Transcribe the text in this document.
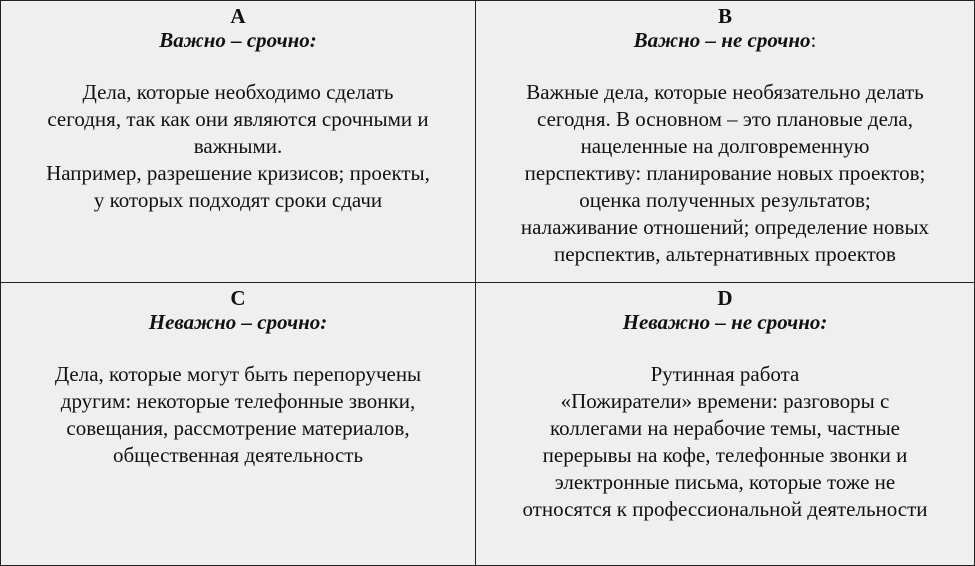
A
Важно – срочно:
Дела, которые необходимо сделать
сегодня, так как они являются срочными и
важными.
Например, разрешение кризисов; проекты,
у которых подходят сроки сдачи
B
Важно – не срочно:
Важные дела, которые необязательно делать
сегодня. В основном – это плановые дела,
нацеленные на долговременную
перспективу: планирование новых проектов;
оценка полученных результатов;
налаживание отношений; определение новых
перспектив, альтернативных проектов
C
Неважно – срочно:
Дела, которые могут быть перепоручены
другим: некоторые телефонные звонки,
совещания, рассмотрение материалов,
общественная деятельность
D
Неважно – не срочно:
Рутинная работа
«Пожиратели» времени: разговоры с
коллегами на нерабочие темы, частные
перерывы на кофе, телефонные звонки и
электронные письма, которые тоже не
относятся к профессиональной деятельности
